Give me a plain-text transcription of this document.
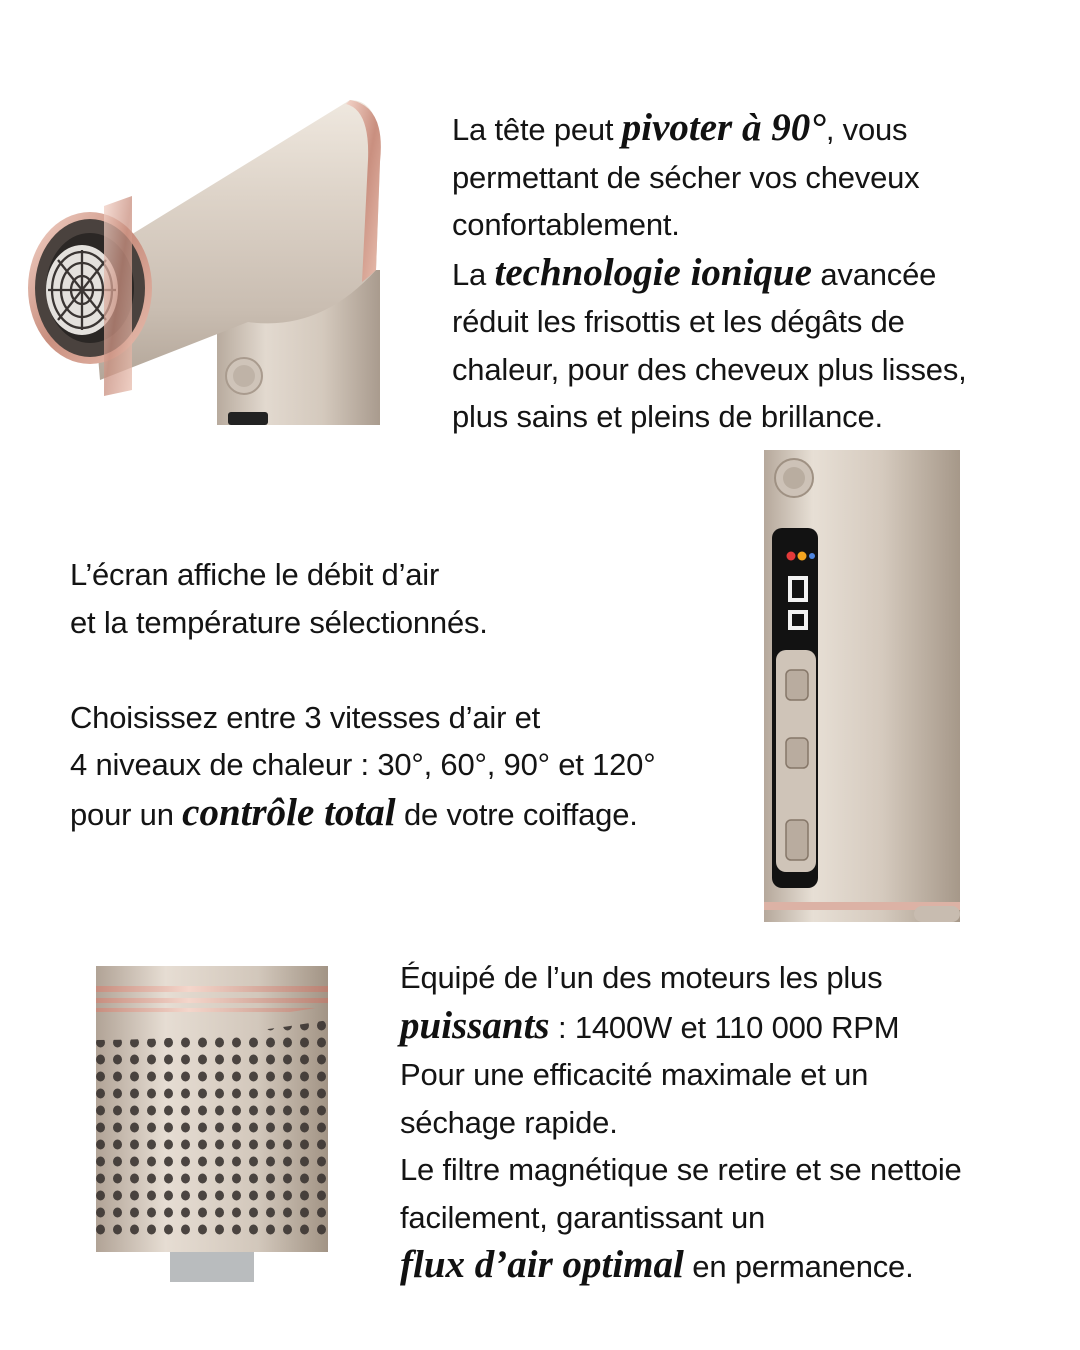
La tête peut pivoter à 90°, vous

permettant de sécher vos cheveux

confortablement.

La technologie ionique avancée

réduit les frisottis et les dégâts de

chaleur, pour des cheveux plus lisses,

plus sains et pleins de brillance.

L’écran affiche le débit d’air

et la température sélectionnés.

Choisissez entre 3 vitesses d’air et

4 niveaux de chaleur : 30°, 60°, 90° et 120°

pour un contrôle total de votre coiffage.

Équipé de l’un des moteurs les plus

puissants : 1400W et 110 000 RPM

Pour une efficacité maximale et un

séchage rapide.

Le filtre magnétique se retire et se nettoie

facilement, garantissant un

flux d’air optimal en permanence.
